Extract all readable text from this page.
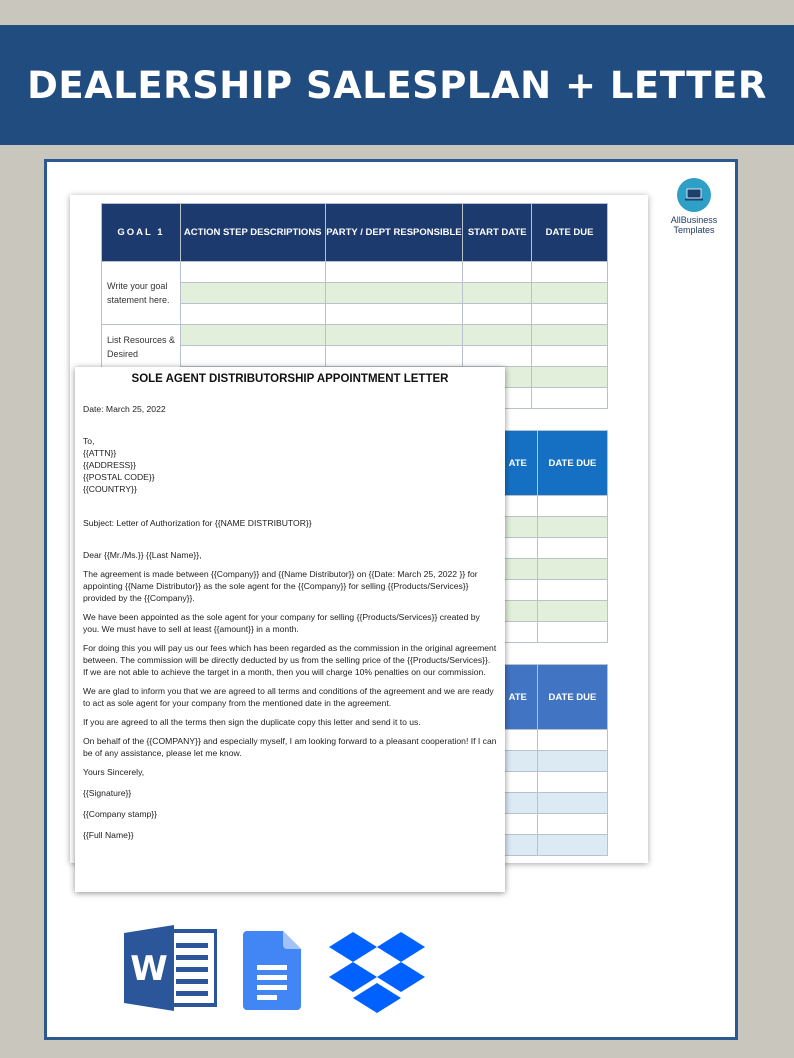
DEALERSHIP SALESPLAN + LETTER
AllBusiness
Templates
GOAL 1	ACTION STEP DESCRIPTIONS	PARTY / DEPT RESPONSIBLE	START DATE	DATE DUE
Write your goal statement here.				

List Resources & Desired				

ATE	DATE DUE

ATE	DATE DUE

SOLE AGENT DISTRIBUTORSHIP APPOINTMENT LETTER

Date: March 25, 2022

To,
{{ATTN}}
{{ADDRESS}}
{{POSTAL CODE}}
{{COUNTRY}}

Subject: Letter of Authorization for {{NAME DISTRIBUTOR}}

Dear {{Mr./Ms.}} {{Last Name}},

The agreement is made between {{Company}} and {{Name Distributor}} on {{Date: March 25, 2022 }} for appointing {{Name Distributor}} as the sole agent for the {{Company}} for selling {{Products/Services}} provided by the {{Company}}.

We have been appointed as the sole agent for your company for selling {{Products/Services}} created by you. We must have to sell at least {{amount}} in a month.

For doing this you will pay us our fees which has been regarded as the commission in the original agreement between. The commission will be directly deducted by us from the selling price of the {{Products/Services}}. If we are not able to achieve the target in a month, then you will charge 10% penalties on our commission.

We are glad to inform you that we are agreed to all terms and conditions of the agreement and we are ready to act as sole agent for your company from the mentioned date in the agreement.

If you are agreed to all the terms then sign the duplicate copy this letter and send it to us.

On behalf of the {{COMPANY}} and especially myself, I am looking forward to a pleasant cooperation! If I can be of any assistance, please let me know.

Yours Sincerely,

{{Signature}}

{{Company stamp}}

{{Full Name}}

W
